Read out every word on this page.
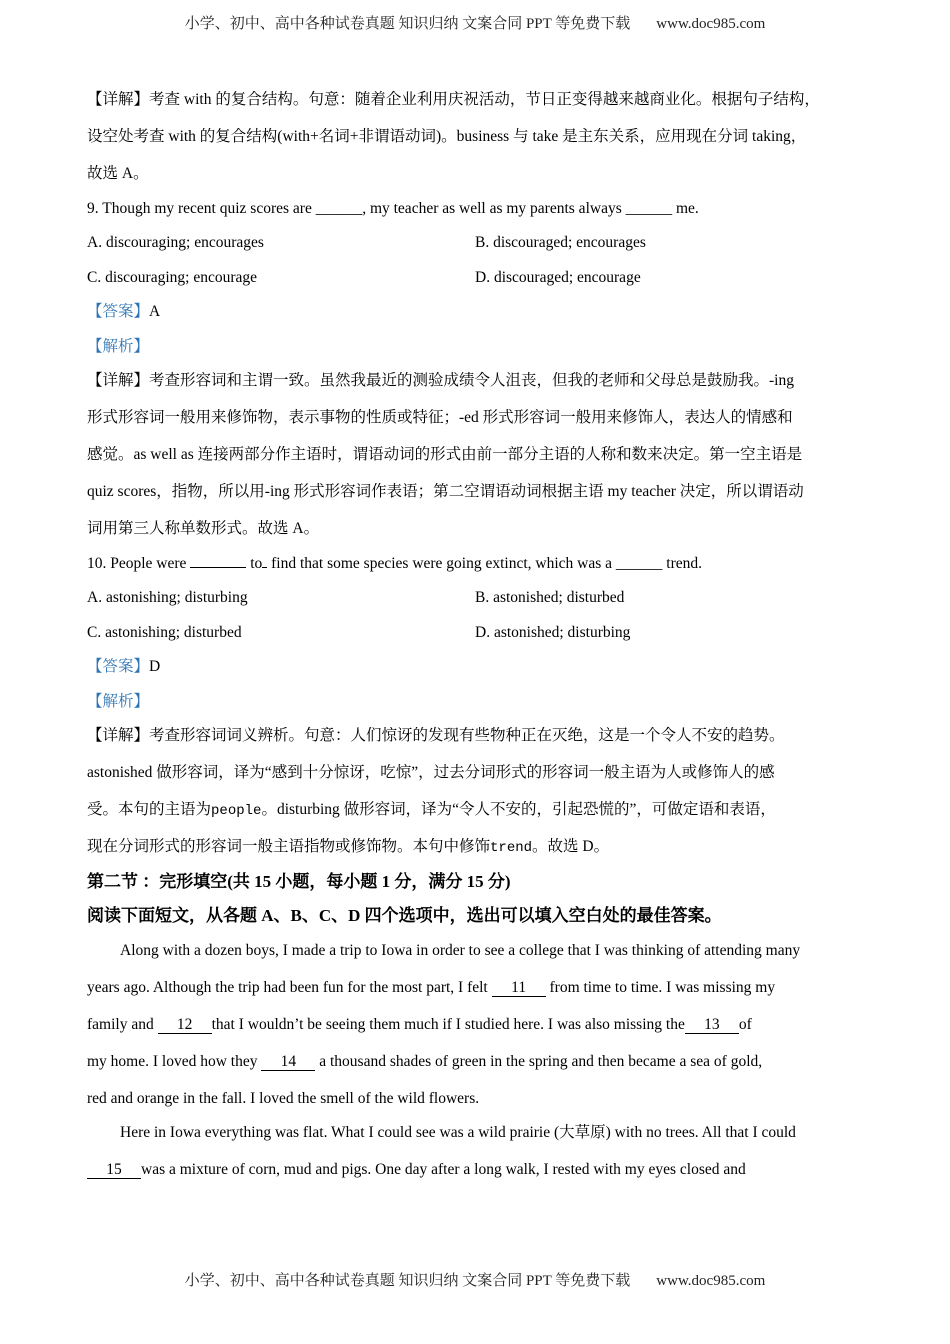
小学、初中、高中各种试卷真题 知识归纳 文案合同 PPT 等免费下载 www.doc985.com
【详解】考查 with 的复合结构。句意：随着企业利用庆祝活动，节日正变得越来越商业化。根据句子结构，
设空处考查 with 的复合结构(with+名词+非谓语动词)。business 与 take 是主东关系，应用现在分词 taking，
故选 A。
9. Though my recent quiz scores are ______, my teacher as well as my parents always ______ me.
A. discouraging; encourages	B. discouraged; encourages
C. discouraging; encourage	D. discouraged; encourage
【答案】A
【解析】
【详解】考查形容词和主谓一致。虽然我最近的测验成绩令人沮丧，但我的老师和父母总是鼓励我。-ing
形式形容词一般用来修饰物，表示事物的性质或特征；-ed 形式形容词一般用来修饰人，表达人的情感和
感觉。as well as 连接两部分作主语时，谓语动词的形式由前一部分主语的人称和数来决定。第一空主语是
quiz scores，指物，所以用-ing 形式形容词作表语；第二空谓语动词根据主语 my teacher 决定，所以谓语动
词用第三人称单数形式。故选 A。
10. People were	to find that some species were going extinct, which was a ______ trend.
A. astonishing; disturbing	B. astonished; disturbed
C. astonishing; disturbed	D. astonished; disturbing
【答案】D
【解析】
【详解】考查形容词词义辨析。句意：人们惊讶的发现有些物种正在灭绝，这是一个令人不安的趋势。
astonished 做形容词，译为“感到十分惊讶，吃惊”，过去分词形式的形容词一般主语为人或修饰人的感
受。本句的主语为people。disturbing 做形容词，译为“令人不安的，引起恐慌的”，可做定语和表语，
现在分词形式的形容词一般主语指物或修饰物。本句中修饰trend。故选 D。
第二节 ：完形填空(共 15 小题，每小题 1 分，满分 15 分)
阅读下面短文，从各题 A、B、C、D 四个选项中，选出可以填入空白处的最佳答案。
Along with a dozen boys, I made a trip to Iowa in order to see a college that I was thinking of attending many
years ago. Although the trip had been fun for the most part, I felt 11 from time to time. I was missing my
family and 12 that I wouldn’t be seeing them much if I studied here. I was also missing the 13 of
my home. I loved how they 14 a thousand shades of green in the spring and then became a sea of gold,
red and orange in the fall. I loved the smell of the wild flowers.
Here in Iowa everything was flat. What I could see was a wild prairie (大草原) with no trees. All that I could
15 was a mixture of corn, mud and pigs. One day after a long walk, I rested with my eyes closed and
小学、初中、高中各种试卷真题 知识归纳 文案合同 PPT 等免费下载 www.doc985.com
